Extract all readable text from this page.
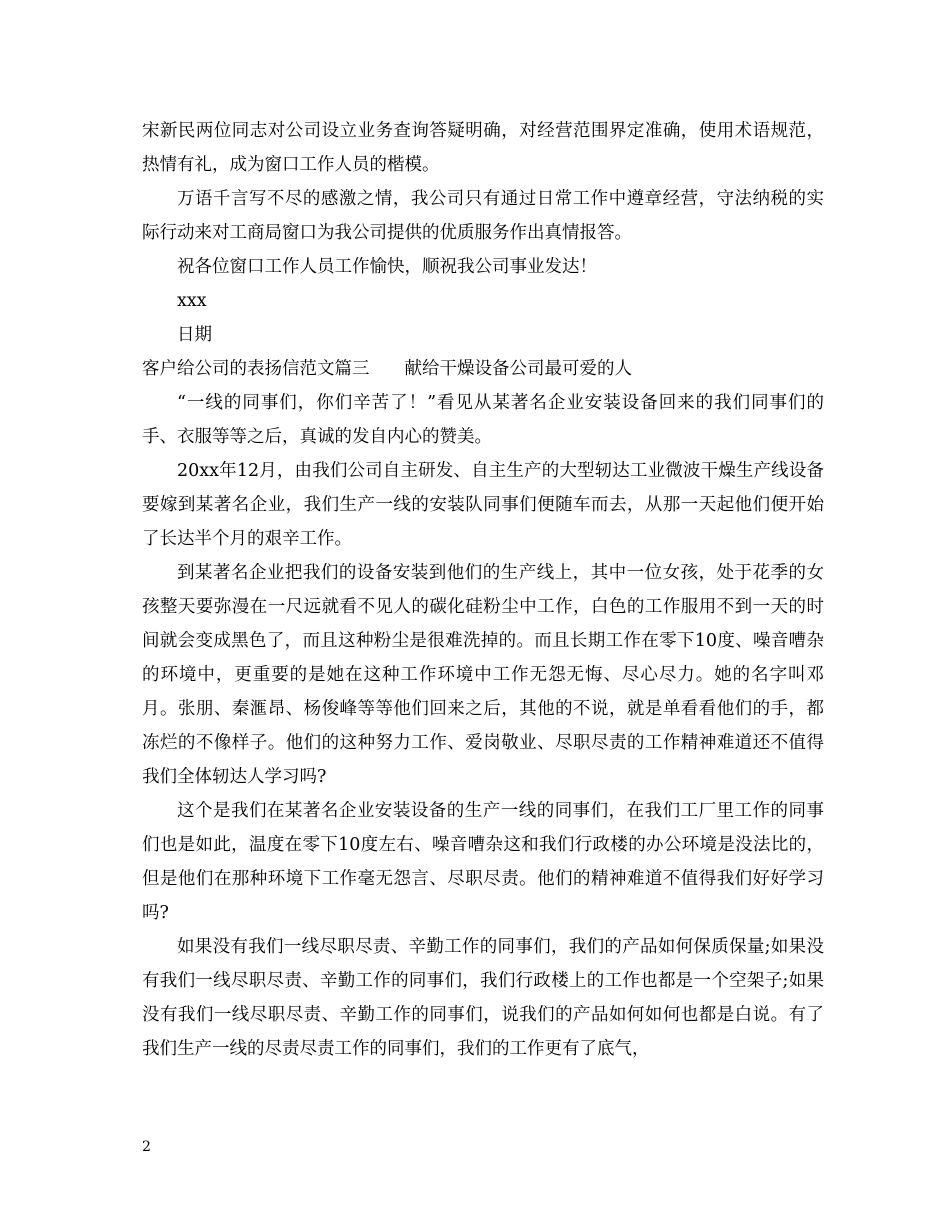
宋新民两位同志对公司设立业务查询答疑明确，对经营范围界定准确，使用术语规范，热情有礼，成为窗口工作人员的楷模。

万语千言写不尽的感激之情，我公司只有通过日常工作中遵章经营，守法纳税的实际行动来对工商局窗口为我公司提供的优质服务作出真情报答。

祝各位窗口工作人员工作愉快，顺祝我公司事业发达！

xxx

日期

客户给公司的表扬信范文篇三　　献给干燥设备公司最可爱的人

“一线的同事们，你们辛苦了！”看见从某著名企业安装设备回来的我们同事们的手、衣服等等之后，真诚的发自内心的赞美。

20xx年12月，由我们公司自主研发、自主生产的大型轫达工业微波干燥生产线设备要嫁到某著名企业，我们生产一线的安装队同事们便随车而去，从那一天起他们便开始了长达半个月的艰辛工作。

到某著名企业把我们的设备安装到他们的生产线上，其中一位女孩，处于花季的女孩整天要弥漫在一尺远就看不见人的碳化硅粉尘中工作，白色的工作服用不到一天的时间就会变成黑色了，而且这种粉尘是很难洗掉的。而且长期工作在零下10度、噪音嘈杂的环境中，更重要的是她在这种工作环境中工作无怨无悔、尽心尽力。她的名字叫邓月。张朋、秦滙昂、杨俊峰等等他们回来之后，其他的不说，就是单看看他们的手，都冻烂的不像样子。他们的这种努力工作、爱岗敬业、尽职尽责的工作精神难道还不值得我们全体轫达人学习吗?

这个是我们在某著名企业安装设备的生产一线的同事们，在我们工厂里工作的同事们也是如此，温度在零下10度左右、噪音嘈杂这和我们行政楼的办公环境是没法比的，但是他们在那种环境下工作毫无怨言、尽职尽责。他们的精神难道不值得我们好好学习吗?

如果没有我们一线尽职尽责、辛勤工作的同事们，我们的产品如何保质保量;如果没有我们一线尽职尽责、辛勤工作的同事们，我们行政楼上的工作也都是一个空架子;如果没有我们一线尽职尽责、辛勤工作的同事们，说我们的产品如何如何也都是白说。有了我们生产一线的尽责尽责工作的同事们，我们的工作更有了底气，

2
